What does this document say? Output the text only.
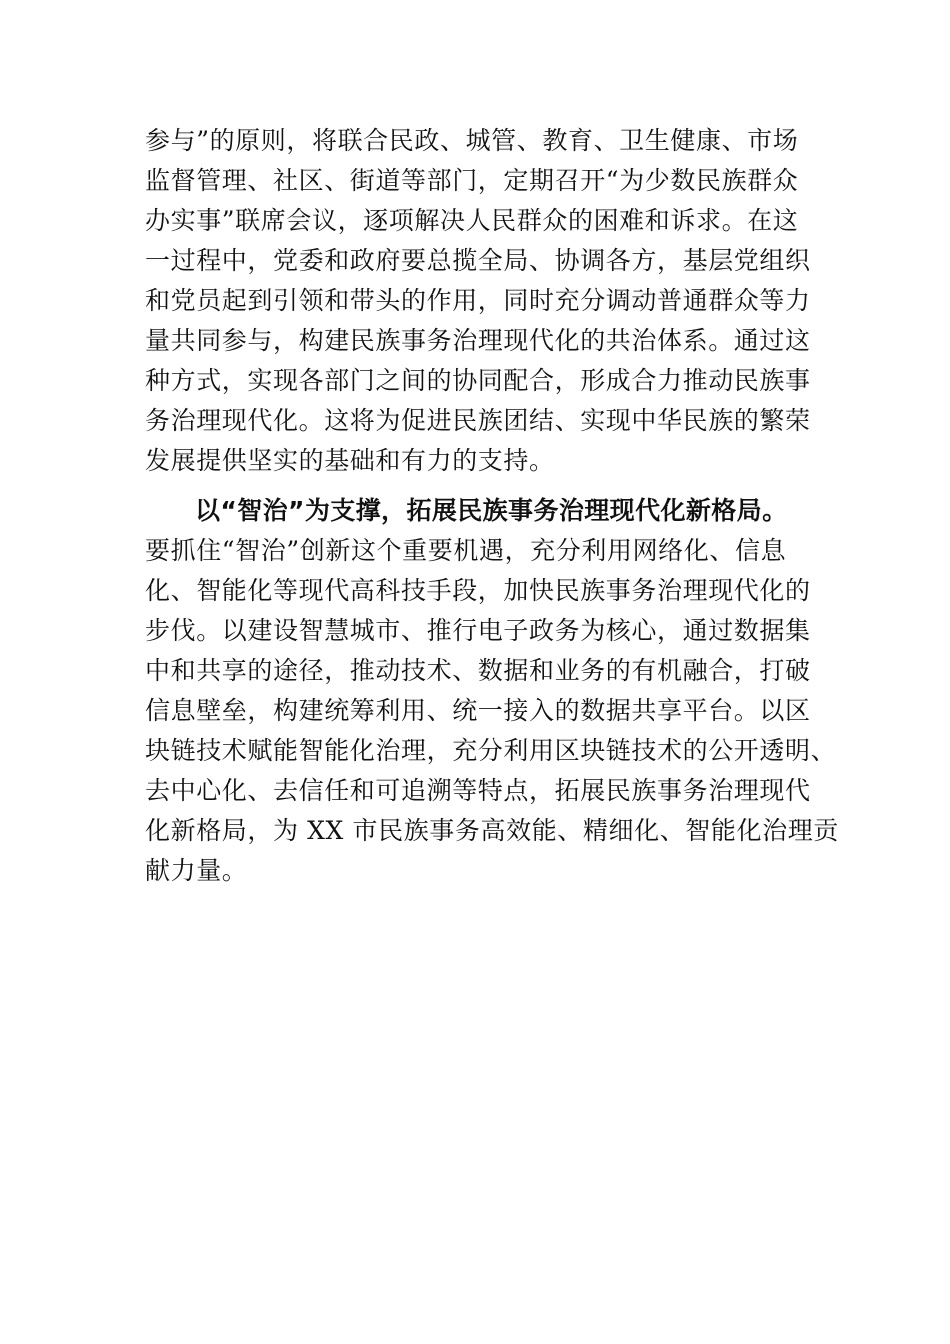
参与”的原则，将联合民政、城管、教育、卫生健康、市场
监督管理、社区、街道等部门，定期召开“为少数民族群众
办实事”联席会议，逐项解决人民群众的困难和诉求。在这
一过程中，党委和政府要总揽全局、协调各方，基层党组织
和党员起到引领和带头的作用，同时充分调动普通群众等力
量共同参与，构建民族事务治理现代化的共治体系。通过这
种方式，实现各部门之间的协同配合，形成合力推动民族事
务治理现代化。这将为促进民族团结、实现中华民族的繁荣
发展提供坚实的基础和有力的支持。
以“智治”为支撑，拓展民族事务治理现代化新格局。
要抓住“智治”创新这个重要机遇，充分利用网络化、信息
化、智能化等现代高科技手段，加快民族事务治理现代化的
步伐。以建设智慧城市、推行电子政务为核心，通过数据集
中和共享的途径，推动技术、数据和业务的有机融合，打破
信息壁垒，构建统筹利用、统一接入的数据共享平台。以区
块链技术赋能智能化治理，充分利用区块链技术的公开透明、
去中心化、去信任和可追溯等特点，拓展民族事务治理现代
化新格局，为 XX 市民族事务高效能、精细化、智能化治理贡
献力量。
